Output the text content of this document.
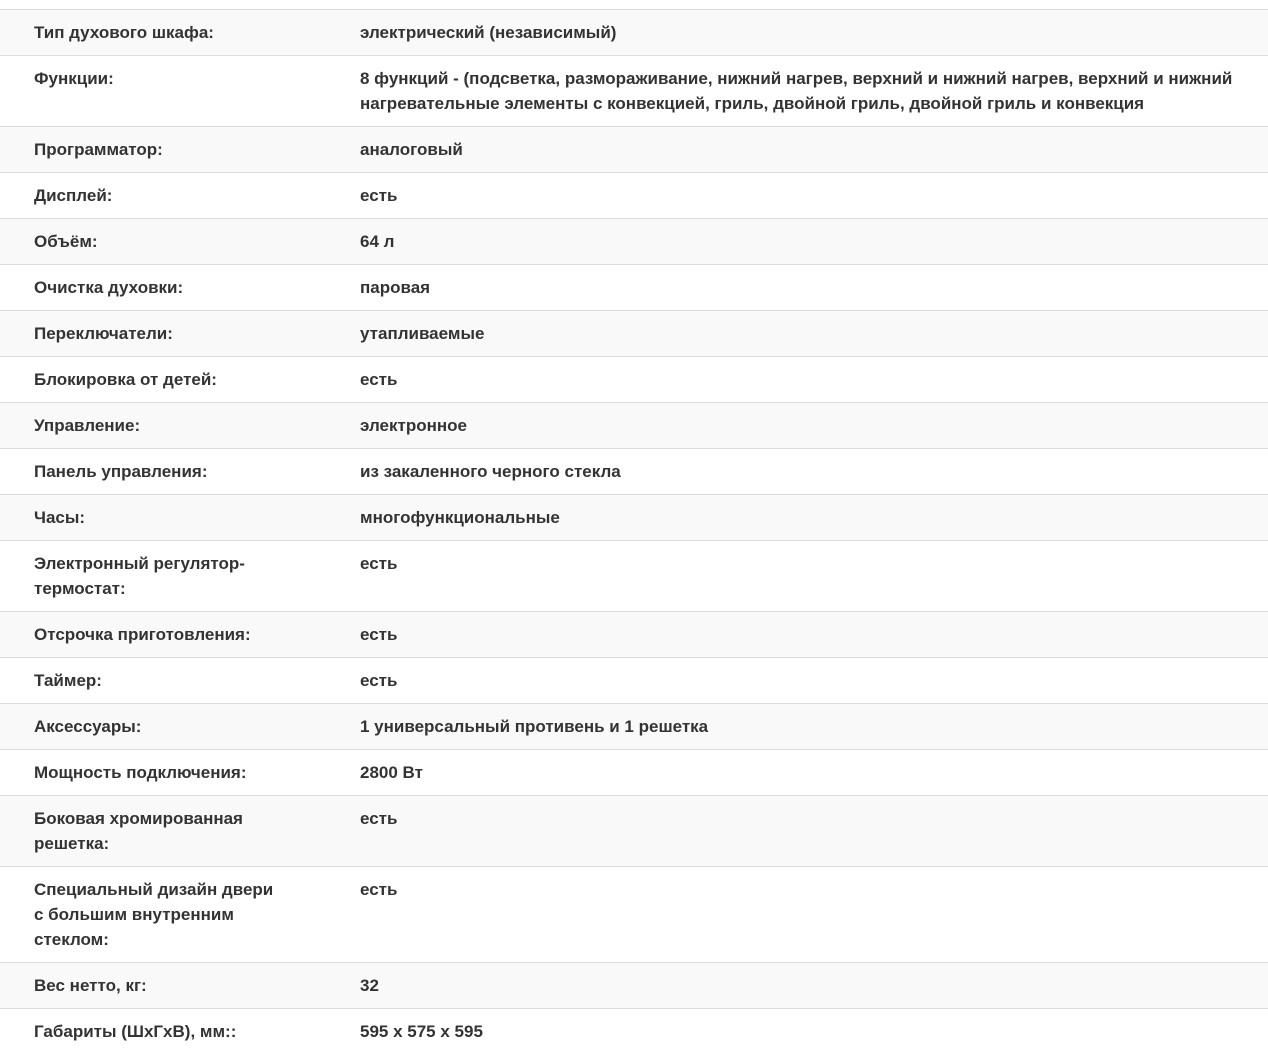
Тип духового шкафа:	электрический (независимый)

Функции:	8 функций - (подсветка, размораживание, нижний нагрев, верхний и нижний нагрев, верхний и нижний нагревательные элементы с конвекцией, гриль, двойной гриль, двойной гриль и конвекция

Программатор:	аналоговый

Дисплей:	есть

Объём:	64 л

Очистка духовки:	паровая

Переключатели:	утапливаемые

Блокировка от детей:	есть

Управление:	электронное

Панель управления:	из закаленного черного стекла

Часы:	многофункциональные

Электронный регулятор-термостат:	есть

Отсрочка приготовления:	есть

Таймер:	есть

Аксессуары:	1 универсальный противень и 1 решетка

Мощность подключения:	2800 Вт

Боковая хромированная решетка:	есть

Специальный дизайн двери с большим внутренним стеклом:	есть

Вес нетто, кг:	32

Габариты (ШхГхВ), мм::	595 x 575 x 595
